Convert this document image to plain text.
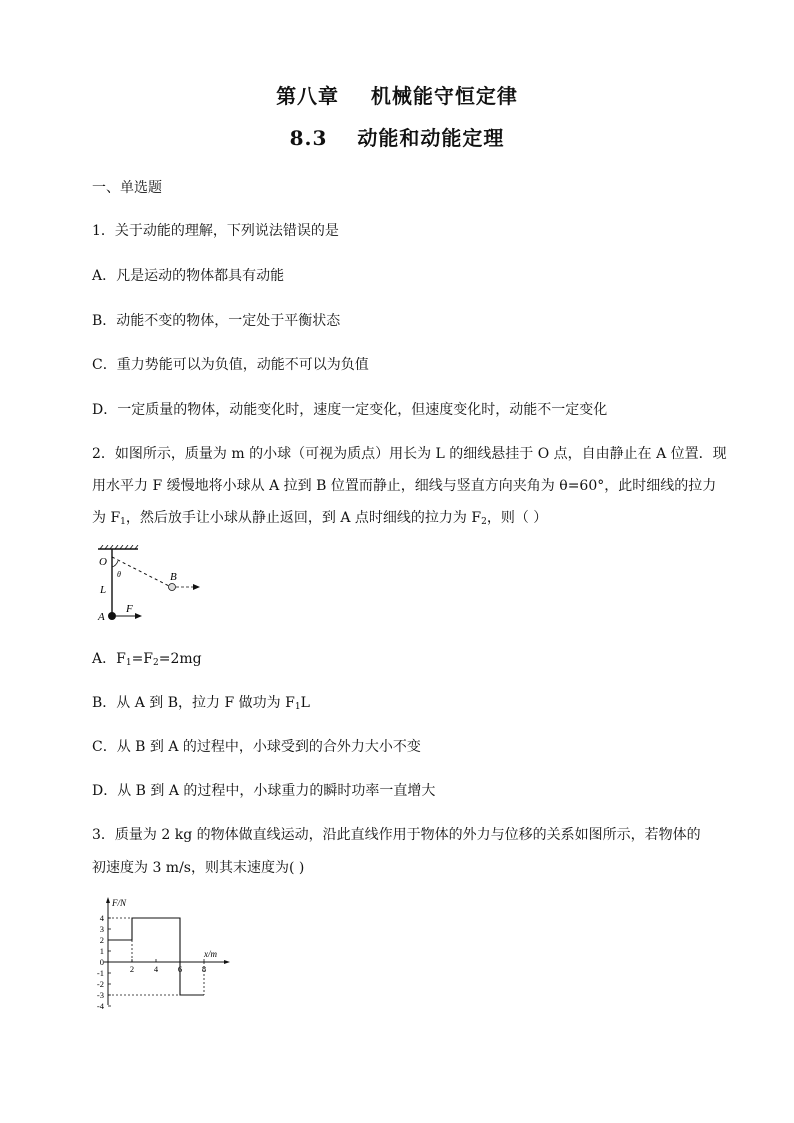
第八章 机械能守恒定律
8.3 动能和动能定理
一、单选题
1．关于动能的理解，下列说法错误的是
A．凡是运动的物体都具有动能
B．动能不变的物体，一定处于平衡状态
C．重力势能可以为负值，动能不可以为负值
D．一定质量的物体，动能变化时，速度一定变化，但速度变化时，动能不一定变化
2．如图所示，质量为 m 的小球（可视为质点）用长为 L 的细线悬挂于 O 点，自由静止在 A 位置．现
用水平力 F 缓慢地将小球从 A 拉到 B 位置而静止，细线与竖直方向夹角为 θ=60°，此时细线的拉力
为 $F_1$，然后放手让小球从静止返回，到 A 点时细线的拉力为 $F_2$，则（ ）
O
θ	B
L
F
A
A．$F_1=F_2=2mg$
B．从 A 到 B，拉力 F 做功为 $F_1L$
C．从 B 到 A 的过程中，小球受到的合外力大小不变
D．从 B 到 A 的过程中，小球重力的瞬时功率一直增大
3．质量为 2 kg 的物体做直线运动，沿此直线作用于物体的外力与位移的关系如图所示，若物体的
初速度为 3 m/s，则其末速度为( )
F/N
x/m
4
3
2
1
0
-1
-2
-3
-4
2 4 6 8
